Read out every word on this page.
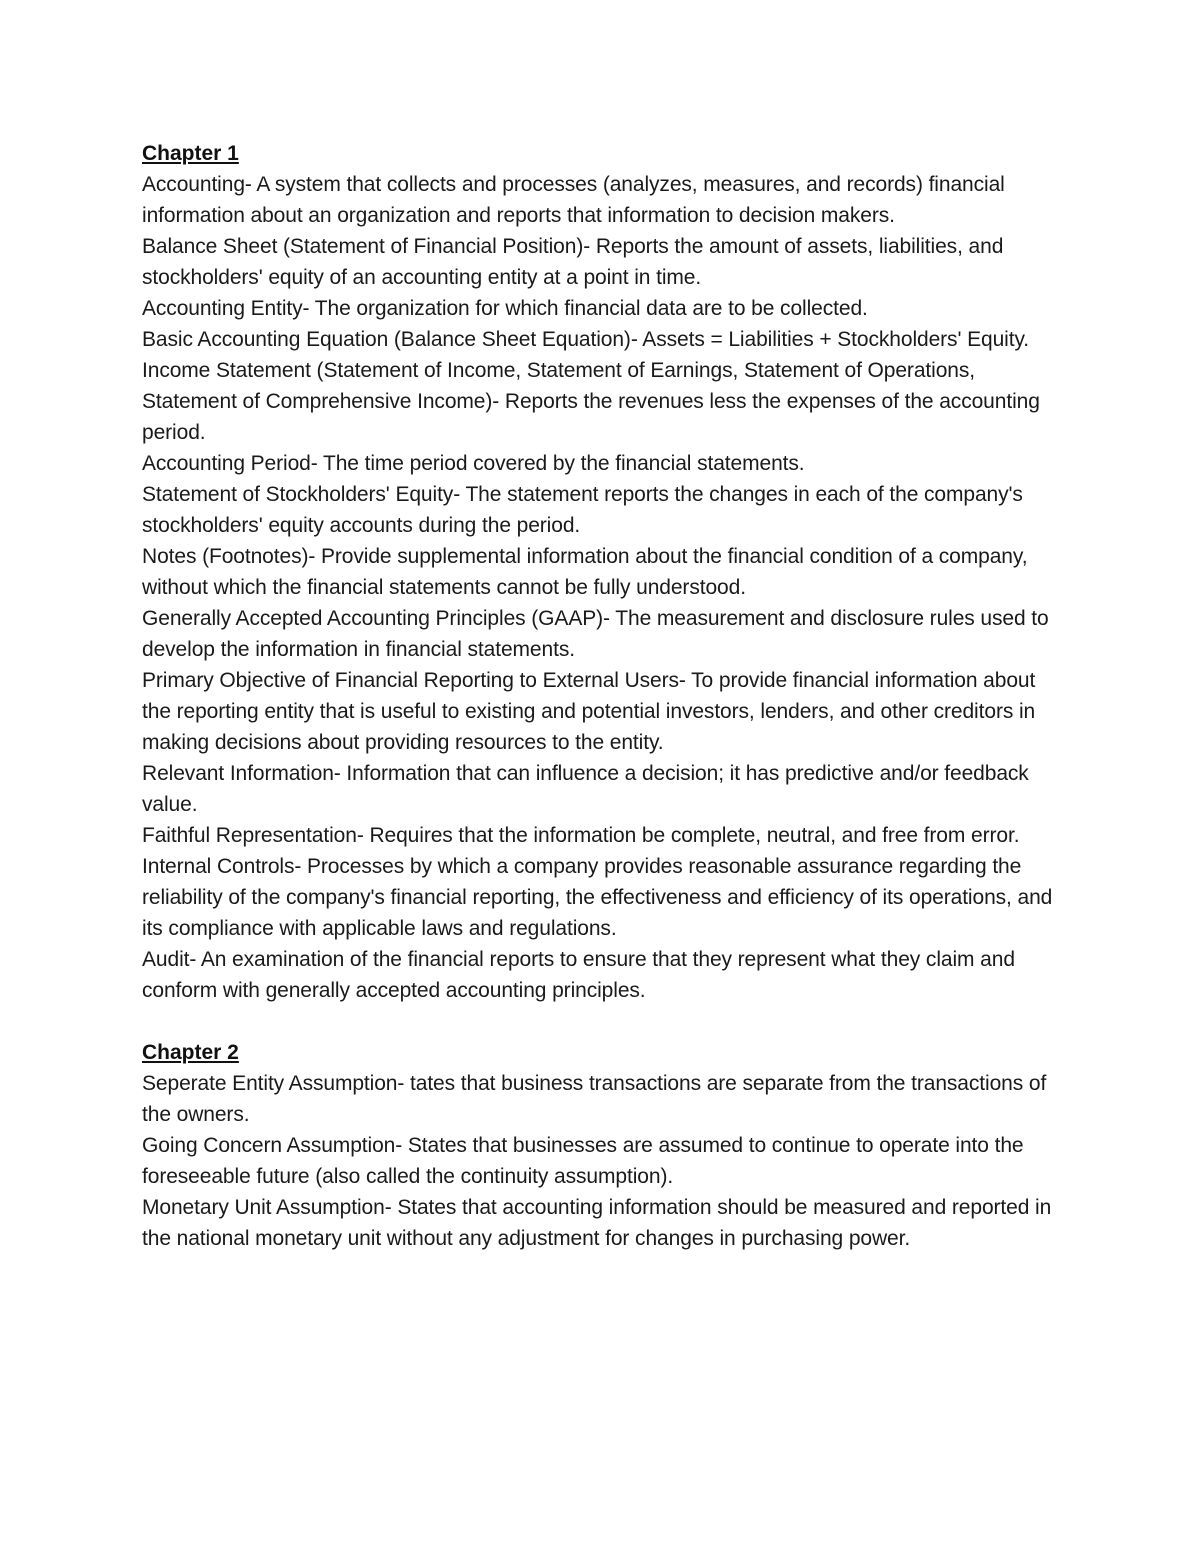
Chapter 1

Accounting- A system that collects and processes (analyzes, measures, and records) financial information about an organization and reports that information to decision makers.

Balance Sheet (Statement of Financial Position)- Reports the amount of assets, liabilities, and stockholders' equity of an accounting entity at a point in time.

Accounting Entity- The organization for which financial data are to be collected.

Basic Accounting Equation (Balance Sheet Equation)- Assets = Liabilities + Stockholders' Equity.

Income Statement (Statement of Income, Statement of Earnings, Statement of Operations, Statement of Comprehensive Income)- Reports the revenues less the expenses of the accounting period.

Accounting Period- The time period covered by the financial statements.

Statement of Stockholders' Equity- The statement reports the changes in each of the company's stockholders' equity accounts during the period.

Notes (Footnotes)- Provide supplemental information about the financial condition of a company, without which the financial statements cannot be fully understood.

Generally Accepted Accounting Principles (GAAP)- The measurement and disclosure rules used to develop the information in financial statements.

Primary Objective of Financial Reporting to External Users- To provide financial information about the reporting entity that is useful to existing and potential investors, lenders, and other creditors in making decisions about providing resources to the entity.

Relevant Information- Information that can influence a decision; it has predictive and/or feedback value.

Faithful Representation- Requires that the information be complete, neutral, and free from error.

Internal Controls- Processes by which a company provides reasonable assurance regarding the reliability of the company's financial reporting, the effectiveness and efficiency of its operations, and its compliance with applicable laws and regulations.

Audit- An examination of the financial reports to ensure that they represent what they claim and conform with generally accepted accounting principles.

Chapter 2

Seperate Entity Assumption- tates that business transactions are separate from the transactions of the owners.

Going Concern Assumption- States that businesses are assumed to continue to operate into the foreseeable future (also called the continuity assumption).

Monetary Unit Assumption- States that accounting information should be measured and reported in the national monetary unit without any adjustment for changes in purchasing power.
